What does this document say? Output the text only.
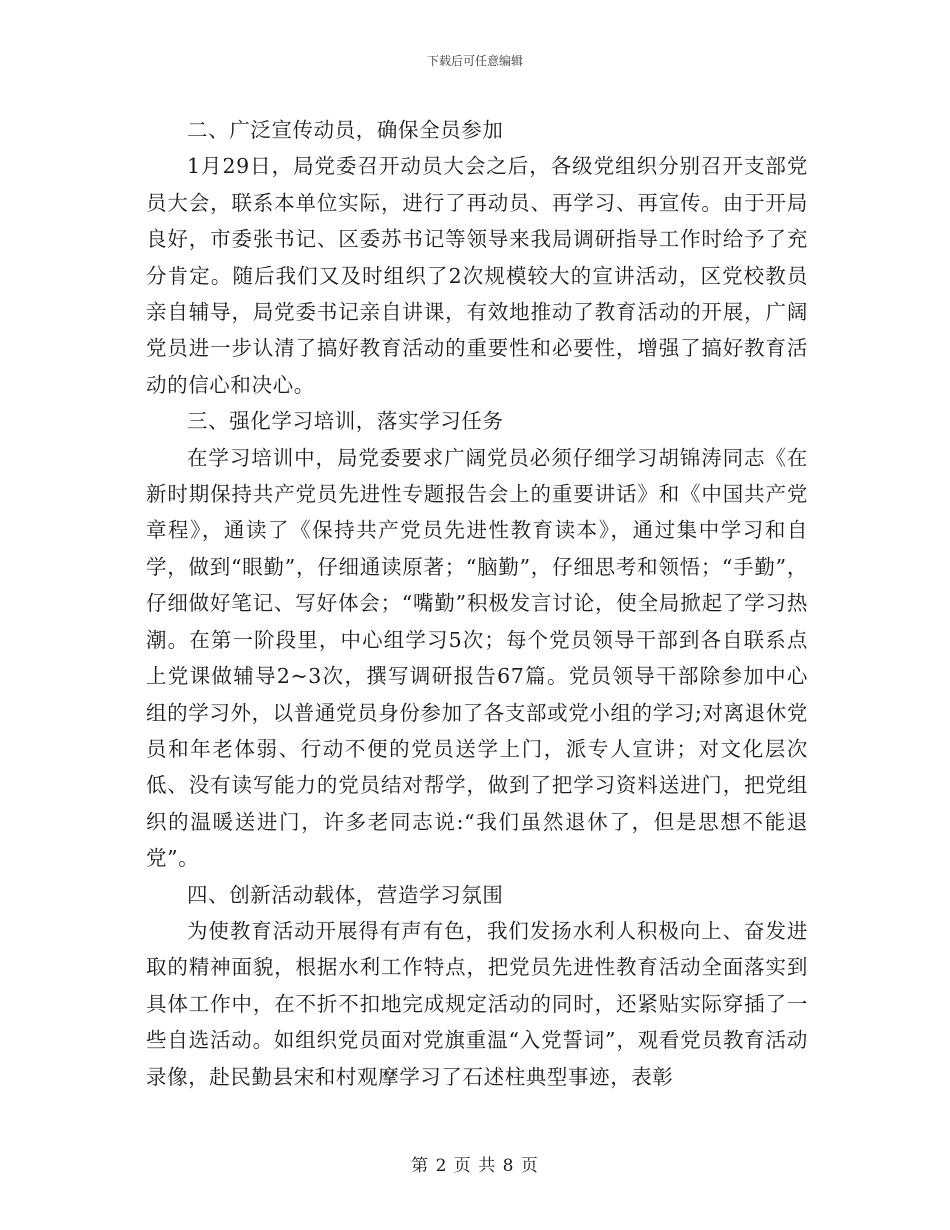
下载后可任意编辑

二、广泛宣传动员，确保全员参加

1月29日，局党委召开动员大会之后，各级党组织分别召开支部党员大会，联系本单位实际，进行了再动员、再学习、再宣传。由于开局良好，市委张书记、区委苏书记等领导来我局调研指导工作时给予了充分肯定。随后我们又及时组织了2次规模较大的宣讲活动，区党校教员亲自辅导，局党委书记亲自讲课，有效地推动了教育活动的开展，广阔党员进一步认清了搞好教育活动的重要性和必要性，增强了搞好教育活动的信心和决心。

三、强化学习培训，落实学习任务

在学习培训中，局党委要求广阔党员必须仔细学习胡锦涛同志《在新时期保持共产党员先进性专题报告会上的重要讲话》和《中国共产党章程》，通读了《保持共产党员先进性教育读本》，通过集中学习和自学，做到“眼勤”，仔细通读原著；“脑勤”，仔细思考和领悟；“手勤”，仔细做好笔记、写好体会；“嘴勤”积极发言讨论，使全局掀起了学习热潮。在第一阶段里，中心组学习5次；每个党员领导干部到各自联系点上党课做辅导2~3次，撰写调研报告67篇。党员领导干部除参加中心组的学习外，以普通党员身份参加了各支部或党小组的学习;对离退休党员和年老体弱、行动不便的党员送学上门，派专人宣讲；对文化层次低、没有读写能力的党员结对帮学，做到了把学习资料送进门，把党组织的温暖送进门，许多老同志说:“我们虽然退休了，但是思想不能退党”。

四、创新活动载体，营造学习氛围

为使教育活动开展得有声有色，我们发扬水利人积极向上、奋发进取的精神面貌，根据水利工作特点，把党员先进性教育活动全面落实到具体工作中，在不折不扣地完成规定活动的同时，还紧贴实际穿插了一些自选活动。如组织党员面对党旗重温“入党誓词”，观看党员教育活动录像，赴民勤县宋和村观摩学习了石述柱典型事迹，表彰

第 2 页 共 8 页
